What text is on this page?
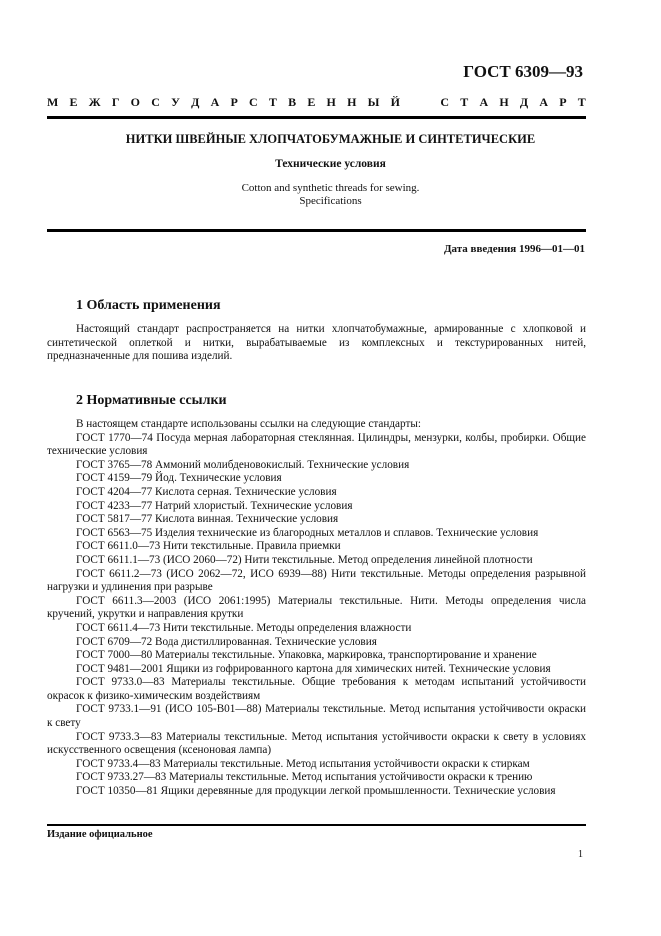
ГОСТ 6309—93
М Е Ж Г О С У Д А Р С Т В Е Н Н Ы Й	С Т А Н Д А Р Т
НИТКИ ШВЕЙНЫЕ ХЛОПЧАТОБУМАЖНЫЕ И СИНТЕТИЧЕСКИЕ
Технические условия
Cotton and synthetic threads for sewing.
Specifications
Дата введения 1996—01—01
1 Область применения

Настоящий стандарт распространяется на нитки хлопчатобумажные, армированные с хлопковой и синтетической оплеткой и нитки, вырабатываемые из комплексных и текстурированных нитей, предназначенные для пошива изделий.

2 Нормативные ссылки

В настоящем стандарте использованы ссылки на следующие стандарты:

ГОСТ 1770—74 Посуда мерная лабораторная стеклянная. Цилиндры, мензурки, колбы, пробирки. Общие технические условия

ГОСТ 3765—78 Аммоний молибденовокислый. Технические условия

ГОСТ 4159—79 Йод. Технические условия

ГОСТ 4204—77 Кислота серная. Технические условия

ГОСТ 4233—77 Натрий хлористый. Технические условия

ГОСТ 5817—77 Кислота винная. Технические условия

ГОСТ 6563—75 Изделия технические из благородных металлов и сплавов. Технические условия

ГОСТ 6611.0—73 Нити текстильные. Правила приемки

ГОСТ 6611.1—73 (ИСО 2060—72) Нити текстильные. Метод определения линейной плотности

ГОСТ 6611.2—73 (ИСО 2062—72, ИСО 6939—88) Нити текстильные. Методы определения разрывной нагрузки и удлинения при разрыве

ГОСТ 6611.3—2003 (ИСО 2061:1995) Материалы текстильные. Нити. Методы определения числа кручений, укрутки и направления крутки

ГОСТ 6611.4—73 Нити текстильные. Методы определения влажности

ГОСТ 6709—72 Вода дистиллированная. Технические условия

ГОСТ 7000—80 Материалы текстильные. Упаковка, маркировка, транспортирование и хранение

ГОСТ 9481—2001 Ящики из гофрированного картона для химических нитей. Технические условия

ГОСТ 9733.0—83 Материалы текстильные. Общие требования к методам испытаний устойчивости окрасок к физико-химическим воздействиям

ГОСТ 9733.1—91 (ИСО 105-B01—88) Материалы текстильные. Метод испытания устойчивости окраски к свету

ГОСТ 9733.3—83 Материалы текстильные. Метод испытания устойчивости окраски к свету в условиях искусственного освещения (ксеноновая лампа)

ГОСТ 9733.4—83 Материалы текстильные. Метод испытания устойчивости окраски к стиркам

ГОСТ 9733.27—83 Материалы текстильные. Метод испытания устойчивости окраски к трению

ГОСТ 10350—81 Ящики деревянные для продукции легкой промышленности. Технические условия

Издание официальное
1
